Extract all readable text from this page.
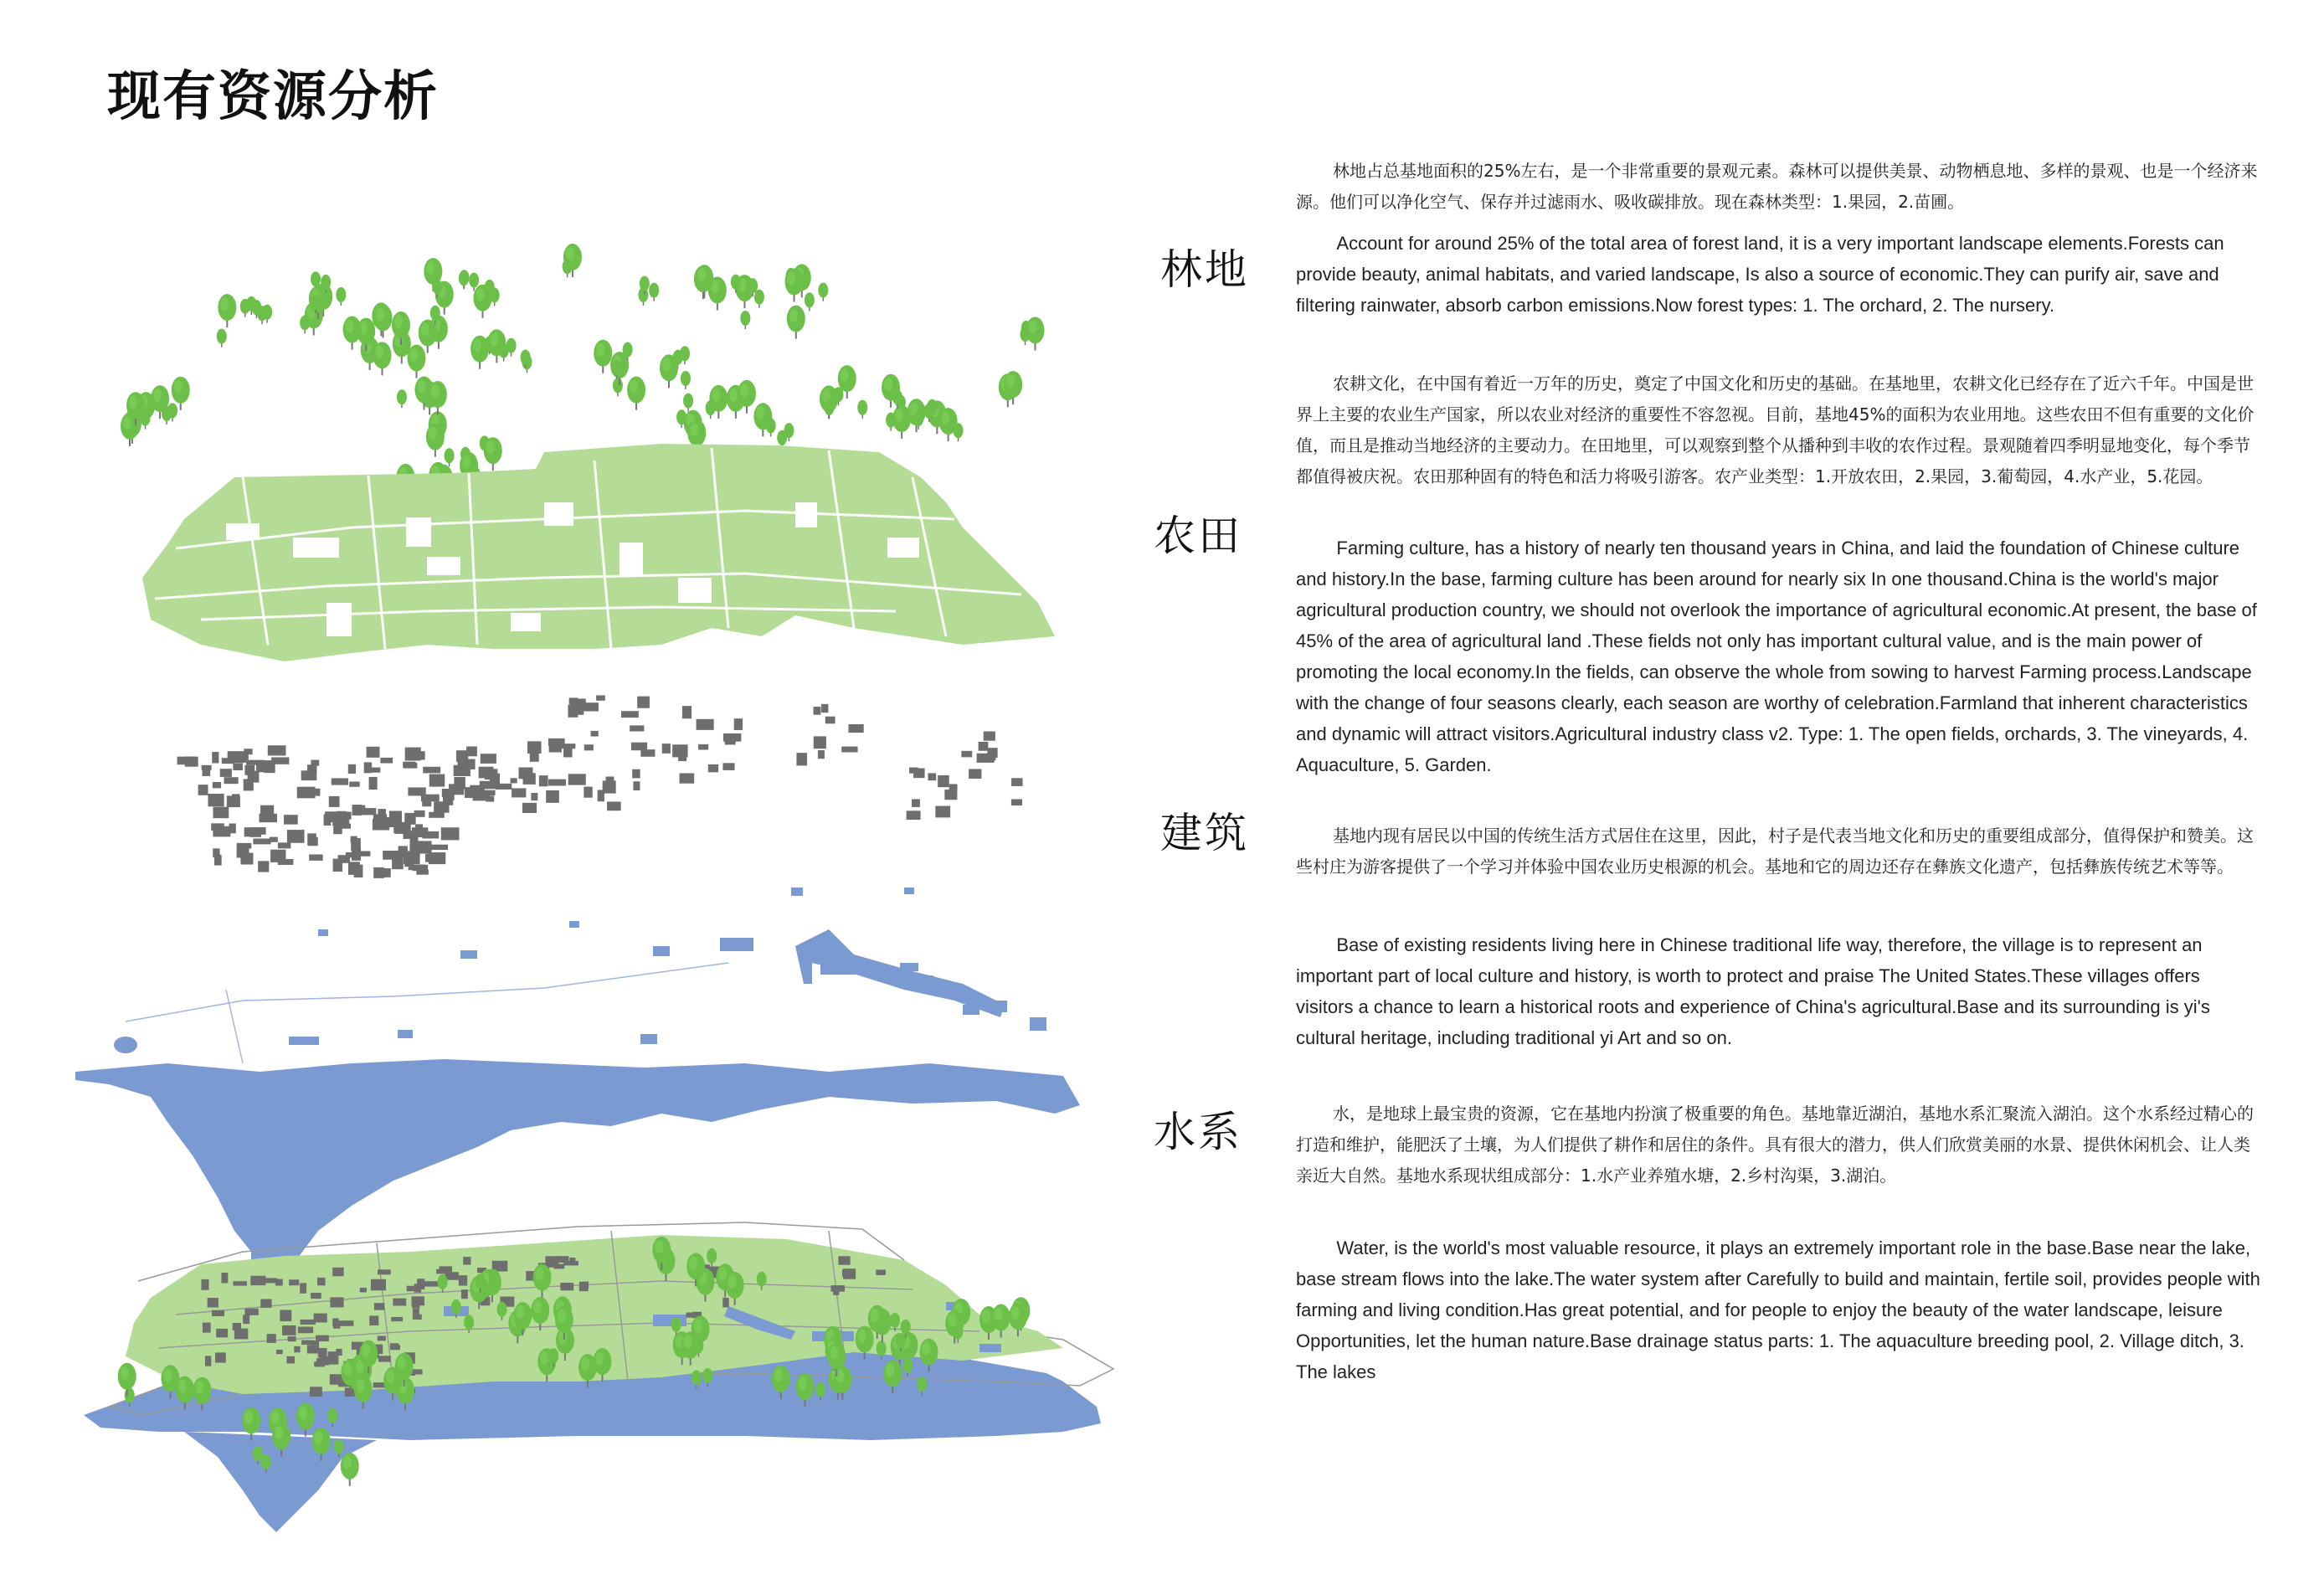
现有资源分析
林地
农田
建筑
水系

林地占总基地面积的25%左右，是一个非常重要的景观元素。森林可以提供美景、动物栖息地、多样的景观、也是一个经济来源。他们可以净化空气、保存并过滤雨水、吸收碳排放。现在森林类型：1.果园，2.苗圃。

Account for around 25% of the total area of forest land, it is a very important landscape elements.Forests can provide beauty, animal habitats, and varied landscape, Is also a source of economic.They can purify air, save and filtering rainwater, absorb carbon emissions.Now forest types: 1. The orchard, 2. The nursery.

农耕文化，在中国有着近一万年的历史，奠定了中国文化和历史的基础。在基地里，农耕文化已经存在了近六千年。中国是世界上主要的农业生产国家，所以农业对经济的重要性不容忽视。目前，基地45%的面积为农业用地。这些农田不但有重要的文化价值，而且是推动当地经济的主要动力。在田地里，可以观察到整个从播种到丰收的农作过程。景观随着四季明显地变化，每个季节都值得被庆祝。农田那种固有的特色和活力将吸引游客。农产业类型：1.开放农田，2.果园，3.葡萄园，4.水产业，5.花园。

Farming culture, has a history of nearly ten thousand years in China, and laid the foundation of Chinese culture and history.In the base, farming culture has been around for nearly six In one thousand.China is the world's major agricultural production country, we should not overlook the importance of agricultural economic.At present, the base of 45% of the area of agricultural land .These fields not only has important cultural value, and is the main power of promoting the local economy.In the fields, can observe the whole from sowing to harvest Farming process.Landscape with the change of four seasons clearly, each season are worthy of celebration.Farmland that inherent characteristics and dynamic will attract visitors.Agricultural industry class v2. Type: 1. The open fields, orchards, 3. The vineyards, 4. Aquaculture, 5. Garden.

基地内现有居民以中国的传统生活方式居住在这里，因此，村子是代表当地文化和历史的重要组成部分，值得保护和赞美。这些村庄为游客提供了一个学习并体验中国农业历史根源的机会。基地和它的周边还存在彝族文化遗产，包括彝族传统艺术等等。

Base of existing residents living here in Chinese traditional life way, therefore, the village is to represent an important part of local culture and history, is worth to protect and praise The United States.These villages offers visitors a chance to learn a historical roots and experience of China's agricultural.Base and its surrounding is yi's cultural heritage, including traditional yi Art and so on.

水，是地球上最宝贵的资源，它在基地内扮演了极重要的角色。基地靠近湖泊，基地水系汇聚流入湖泊。这个水系经过精心的打造和维护，能肥沃了土壤，为人们提供了耕作和居住的条件。具有很大的潜力，供人们欣赏美丽的水景、提供休闲机会、让人类亲近大自然。基地水系现状组成部分：1.水产业养殖水塘，2.乡村沟渠，3.湖泊。

Water, is the world's most valuable resource, it plays an extremely important role in the base.Base near the lake, base stream flows into the lake.The water system after Carefully to build and maintain, fertile soil, provides people with farming and living condition.Has great potential, and for people to enjoy the beauty of the water landscape, leisure Opportunities, let the human nature.Base drainage status parts: 1. The aquaculture breeding pool, 2. Village ditch, 3. The lakes
